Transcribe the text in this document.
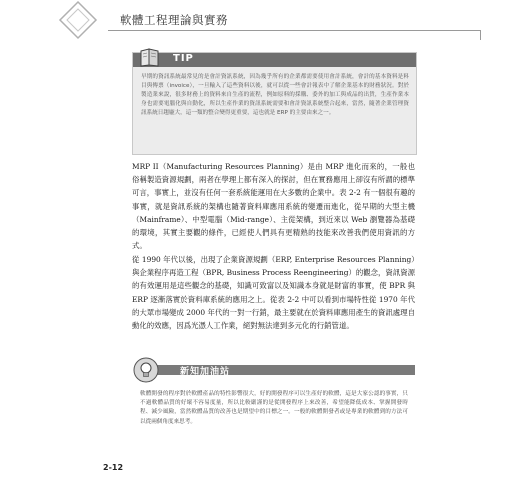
軟體工程理論與實務
TIP
早期的資訊系統最常見的是會計資訊系統，因為幾乎所有的企業都需要使用會計系統，會計的基本資料是料目與傳票（invoice），一旦輸入了這些資料以後，就可以從一些會計報表中了解企業基本的財務狀況。對於製造業來說，很多財務上的資料來自生產的流程，例如原料的採購、委外的加工與成品的出貨，生產作業本身也需要電腦化與自動化，所以生產作業的資訊系統需要和會計資訊系統整合起來，當然，隨著企業管理資訊系統日趨龐大，這一類的整合變得更重要，這也就是 ERP 的主要由來之一。
MRP II（Manufacturing Resources Planning）是由 MRP 進化而來的，一般也俗稱製造資源規劃，兩者在學理上都有深入的探討，但在實務應用上卻沒有所謂的標準可言，事實上，並沒有任何一套系統能運用在大多數的企業中。表 2-2 有一個很有趣的事實，就是資訊系統的架構也隨著資料庫應用系統的變遷而進化，從早期的大型主機（Mainframe）、中型電腦（Mid-range）、主從架構，到近來以 Web 瀏覽器為基礎的環境，其實主要觀的條件，已經使人們具有更精熟的技能來改善我們使用資訊的方式。
從 1990 年代以後，出現了企業資源規劃（ERP, Enterprise Resources Planning）與企業程序再造工程（BPR, Business Process Reengineering）的觀念，資訊資源的有效運用是這些觀念的基礎，知識可致富以及知識本身就是財富的事實，使 BPR 與 ERP 逐漸落實於資料庫系統的應用之上。從表 2-2 中可以看到市場特性從 1970 年代的大眾市場變成 2000 年代的一對一行銷，最主要就在於資料庫應用產生的資訊處理自動化的效應，因爲光憑人工作業，絕對無法達到多元化的行銷管道。
新知加油站
軟體開發的程序對於軟體產品的特性影響很大，好的開發程序可以生產好的軟體，這是大家公認的事實，只不過軟體品質的好壞不容易度量，所以比較嚴謹的是從開發程序上來改善，希望能降低成本、掌握開發時程、減少風險，當然軟體品質的改善也是期望中的目標之一。一般的軟體開發者或是專業的軟體到的方法可以從兩個角度來思考。
2-12
